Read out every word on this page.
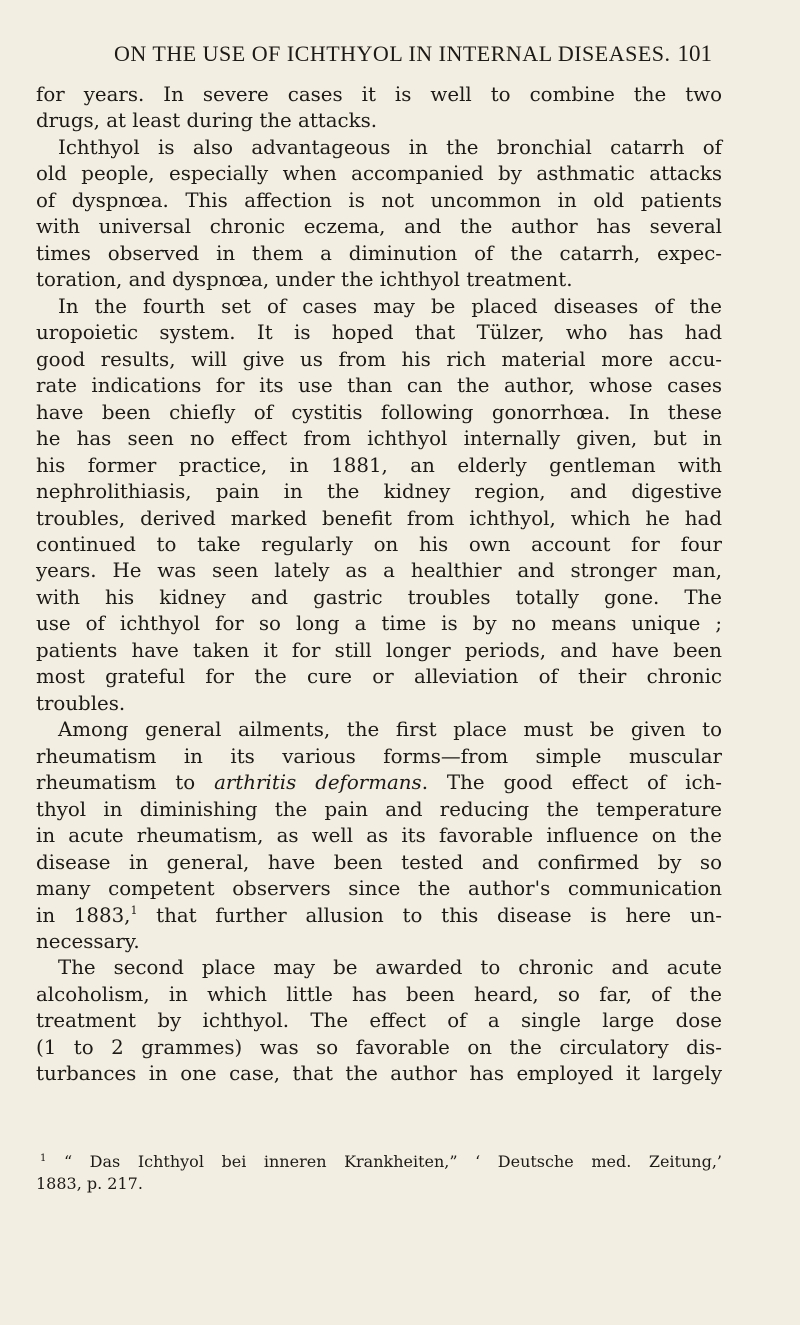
ON THE USE OF ICHTHYOL IN INTERNAL DISEASES. 101
for years. In severe cases it is well to combine the two
drugs, at least during the attacks.
Ichthyol is also advantageous in the bronchial catarrh of
old people, especially when accompanied by asthmatic attacks
of dyspnœa. This affection is not uncommon in old patients
with universal chronic eczema, and the author has several
times observed in them a diminution of the catarrh, expec-
toration, and dyspnœa, under the ichthyol treatment.
In the fourth set of cases may be placed diseases of the
uropoietic system. It is hoped that Tülzer, who has had
good results, will give us from his rich material more accu-
rate indications for its use than can the author, whose cases
have been chiefly of cystitis following gonorrhœa. In these
he has seen no effect from ichthyol internally given, but in
his former practice, in 1881, an elderly gentleman with
nephrolithiasis, pain in the kidney region, and digestive
troubles, derived marked benefit from ichthyol, which he had
continued to take regularly on his own account for four
years. He was seen lately as a healthier and stronger man,
with his kidney and gastric troubles totally gone. The
use of ichthyol for so long a time is by no means unique ;
patients have taken it for still longer periods, and have been
most grateful for the cure or alleviation of their chronic
troubles.
Among general ailments, the first place must be given to
rheumatism in its various forms—from simple muscular
rheumatism to arthritis deformans. The good effect of ich-
thyol in diminishing the pain and reducing the temperature
in acute rheumatism, as well as its favorable influence on the
disease in general, have been tested and confirmed by so
many competent observers since the author's communication
in 1883,$^1$ that further allusion to this disease is here un-
necessary.
The second place may be awarded to chronic and acute
alcoholism, in which little has been heard, so far, of the
treatment by ichthyol. The effect of a single large dose
(1 to 2 grammes) was so favorable on the circulatory dis-
turbances in one case, that the author has employed it largely
$^1$ “ Das Ichthyol bei inneren Krankheiten,” ‘ Deutsche med. Zeitung,’
1883, p. 217.
